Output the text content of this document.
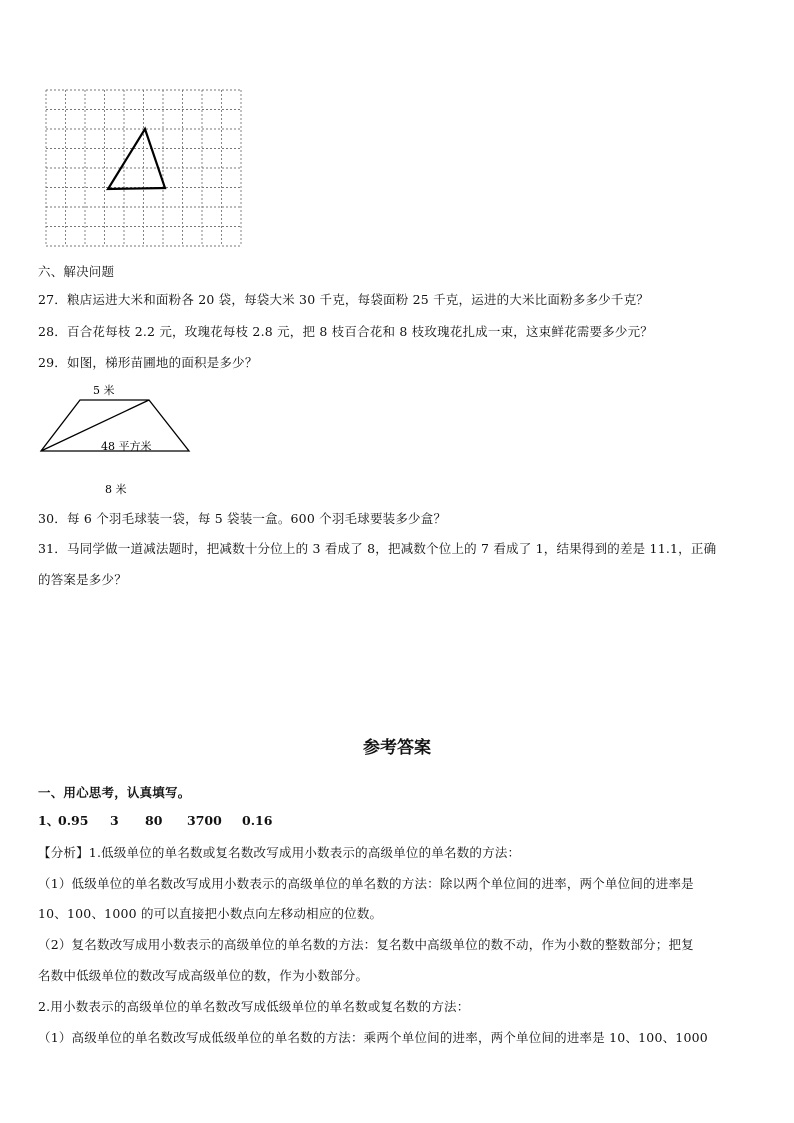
六、解决问题
27．粮店运进大米和面粉各 20 袋，每袋大米 30 千克，每袋面粉 25 千克，运进的大米比面粉多多少千克？
28．百合花每枝 2.2 元，玫瑰花每枝 2.8 元，把 8 枝百合花和 8 枝玫瑰花扎成一束，这束鲜花需要多少元？
29．如图，梯形苗圃地的面积是多少？
5 米
48 平方米
8 米
30．每 6 个羽毛球装一袋，每 5 袋装一盒。600 个羽毛球要装多少盒？
31．马同学做一道减法题时，把减数十分位上的 3 看成了 8，把减数个位上的 7 看成了 1，结果得到的差是 11.1，正确
的答案是多少？
参考答案
一、用心思考，认真填写。
1、0.95 3 80 3700 0.16
【分析】1.低级单位的单名数或复名数改写成用小数表示的高级单位的单名数的方法：
（1）低级单位的单名数改写成用小数表示的高级单位的单名数的方法：除以两个单位间的进率，两个单位间的进率是
10、100、1000 的可以直接把小数点向左移动相应的位数。
（2）复名数改写成用小数表示的高级单位的单名数的方法：复名数中高级单位的数不动，作为小数的整数部分；把复
名数中低级单位的数改写成高级单位的数，作为小数部分。
2.用小数表示的高级单位的单名数改写成低级单位的单名数或复名数的方法：
（1）高级单位的单名数改写成低级单位的单名数的方法：乘两个单位间的进率，两个单位间的进率是 10、100、1000
